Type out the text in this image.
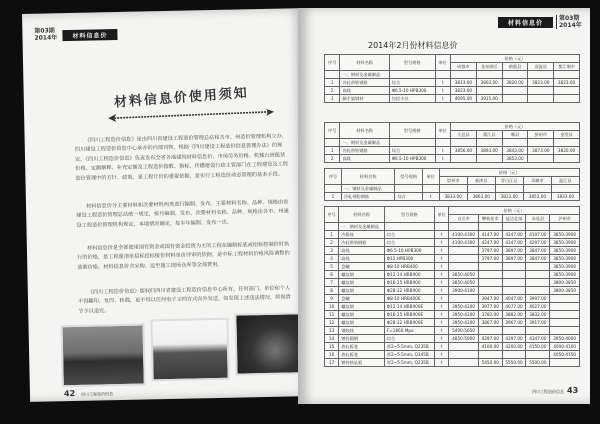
第03期
2014年	材料信息价
材料信息价使用须知
《四川工程造价信息》是由四川省建设工程造价管理总站和各市、州造价管理机构立办、四川建设工程造价信息中心承办的内部刊物，根据《四川建设工程造价信息管理办法》的规定，《四川工程造价信息》负责发布全省各地建筑材料信息价、市场劳务价格、机械台班租赁价格、定额解释、补充定额及工程造价指数、指标，传播建设行政主管部门在工程建设及工程造价管理中的方针、政策，是工程计价的重要依据，是实行工程造价动态管理的基本手段。
材料信息价分主要材料和次要材料两类进行编制、发布。主要材料名称、品种、规格由省建设工程造价管理总站统一规定，按月编制、发布，次要材料名称、品种、规格由各市、州建设工程造价管理机构规定，本地情况确定，每半年编制、发布一次。
材料信息价是全部使用国有资金或国有资金投资为主的工程在编制标底或招标控制价时执行的价格，是工程量清单招标投标报价材料单价评审的依据，是中标工程材料价格风险调整的基准价格。材料信息价含采购、运至施工现场仓库等全部费用。
《四川工程造价信息》版权归四川省建设工程造价信息中心所有，任何部门、单位和个人不得翻印、复印、转载，更不得以任何电子文档方式向外发送，如发现上述违法情况，将视情节予以追究。
42 四川工程造价信息
材料信息价
第03期
2014年
2014年2月份材料信息价
序号	材料名称	型号规格	单位	价格（元）				
				成都市	龙泉驿区	新都县	双流县	都江堰市
	一、钢材及金属制品							
1	冷轧带肋钢筋	综合	t	3813.00	3803.00	3820.00	3823.00	3823.00
2	高线	Φ6.5-10 HPB300	t	3823.00				
3	脚手架钢材	包括卡具	t	4095.00	3915.00			
序号	材料名称	型号规格	单位	价格（元）				
				大邑县	蒲江县	郫县	彭州市	金堂县
	一、钢材及金属制品							
1	冷轧带肋钢筋	综合	t	3856.00	3893.00	3843.00	3873.00	3820.00
2	高线	Φ6.5-10 HPB300	t			3853.00		
序号	材料名称	型号规格	单位	价格（元）				
				崇州市	新津县	青白江区	邛崃市	温江县
	一、钢材及金属制品							
1	冷轧带肋钢筋	综合	t	3833.00	3863.00	3823.00	3853.00	3833.00
序号	材料名称	型号规格	单位	价格（元）				
				自贡市	攀枝花市	盐边北部	米易县	泸州市
	一、钢材及金属制品							
1	冷拔丝	综合	t	4100-4300	4147.00	4247.00	4197.00	3850-3900
2	冷轧带肋钢筋	综合	t	4100-4300	4247.00	4347.00	4297.00	3850-3900
3	高线	Φ6.5-10 HPB300	t		3797.00	3897.00	3847.00	3850-3900
4	高线	Φ12 HPB300	t		3797.00	3897.00	3847.00	3850-3900
5	盘螺	Φ8-10 HRB400	t					3850-3900
6	螺纹钢	Φ12-14 HRB400	t	3850-4050				3850-3900
7	螺纹钢	Φ16-25 HRB400	t	3850-4050				3800-3850
8	螺纹钢	Φ28-32 HRB400	t	3900-4100				3800-3850
9	盘螺	Φ8-10 HRB400E	t		3947.00	4047.00	3997.00	
10	螺纹钢	Φ12-14 HRB400E	t	3950-4200	3977.00	4077.00	4027.00	
11	螺纹钢	Φ16-25 HRB400E	t	3950-4200	3782.00	3882.00	3832.00	
12	螺纹钢	Φ28-32 HRB400E	t	3950-4200	3867.00	3967.00	3917.00	
13	钢绞线	F=1860 Mpa	t	5400-5650				
14	镀锌圆钢	综合	t	4850-5000	4297.00	4397.00	4347.00	3950-4000
15	热轧板卷	厚2~5.5mm, Q235B	t		4100.00	4200.00	4150.00	4000-4100
16	热轧板卷	厚2~5.5mm, Q345B	t					4050-4150
17	镀锌热轧板	厚2~5.5mm, Q235B	t		5450.00	5550.00	5500.00	
四川工程造价信息 43
